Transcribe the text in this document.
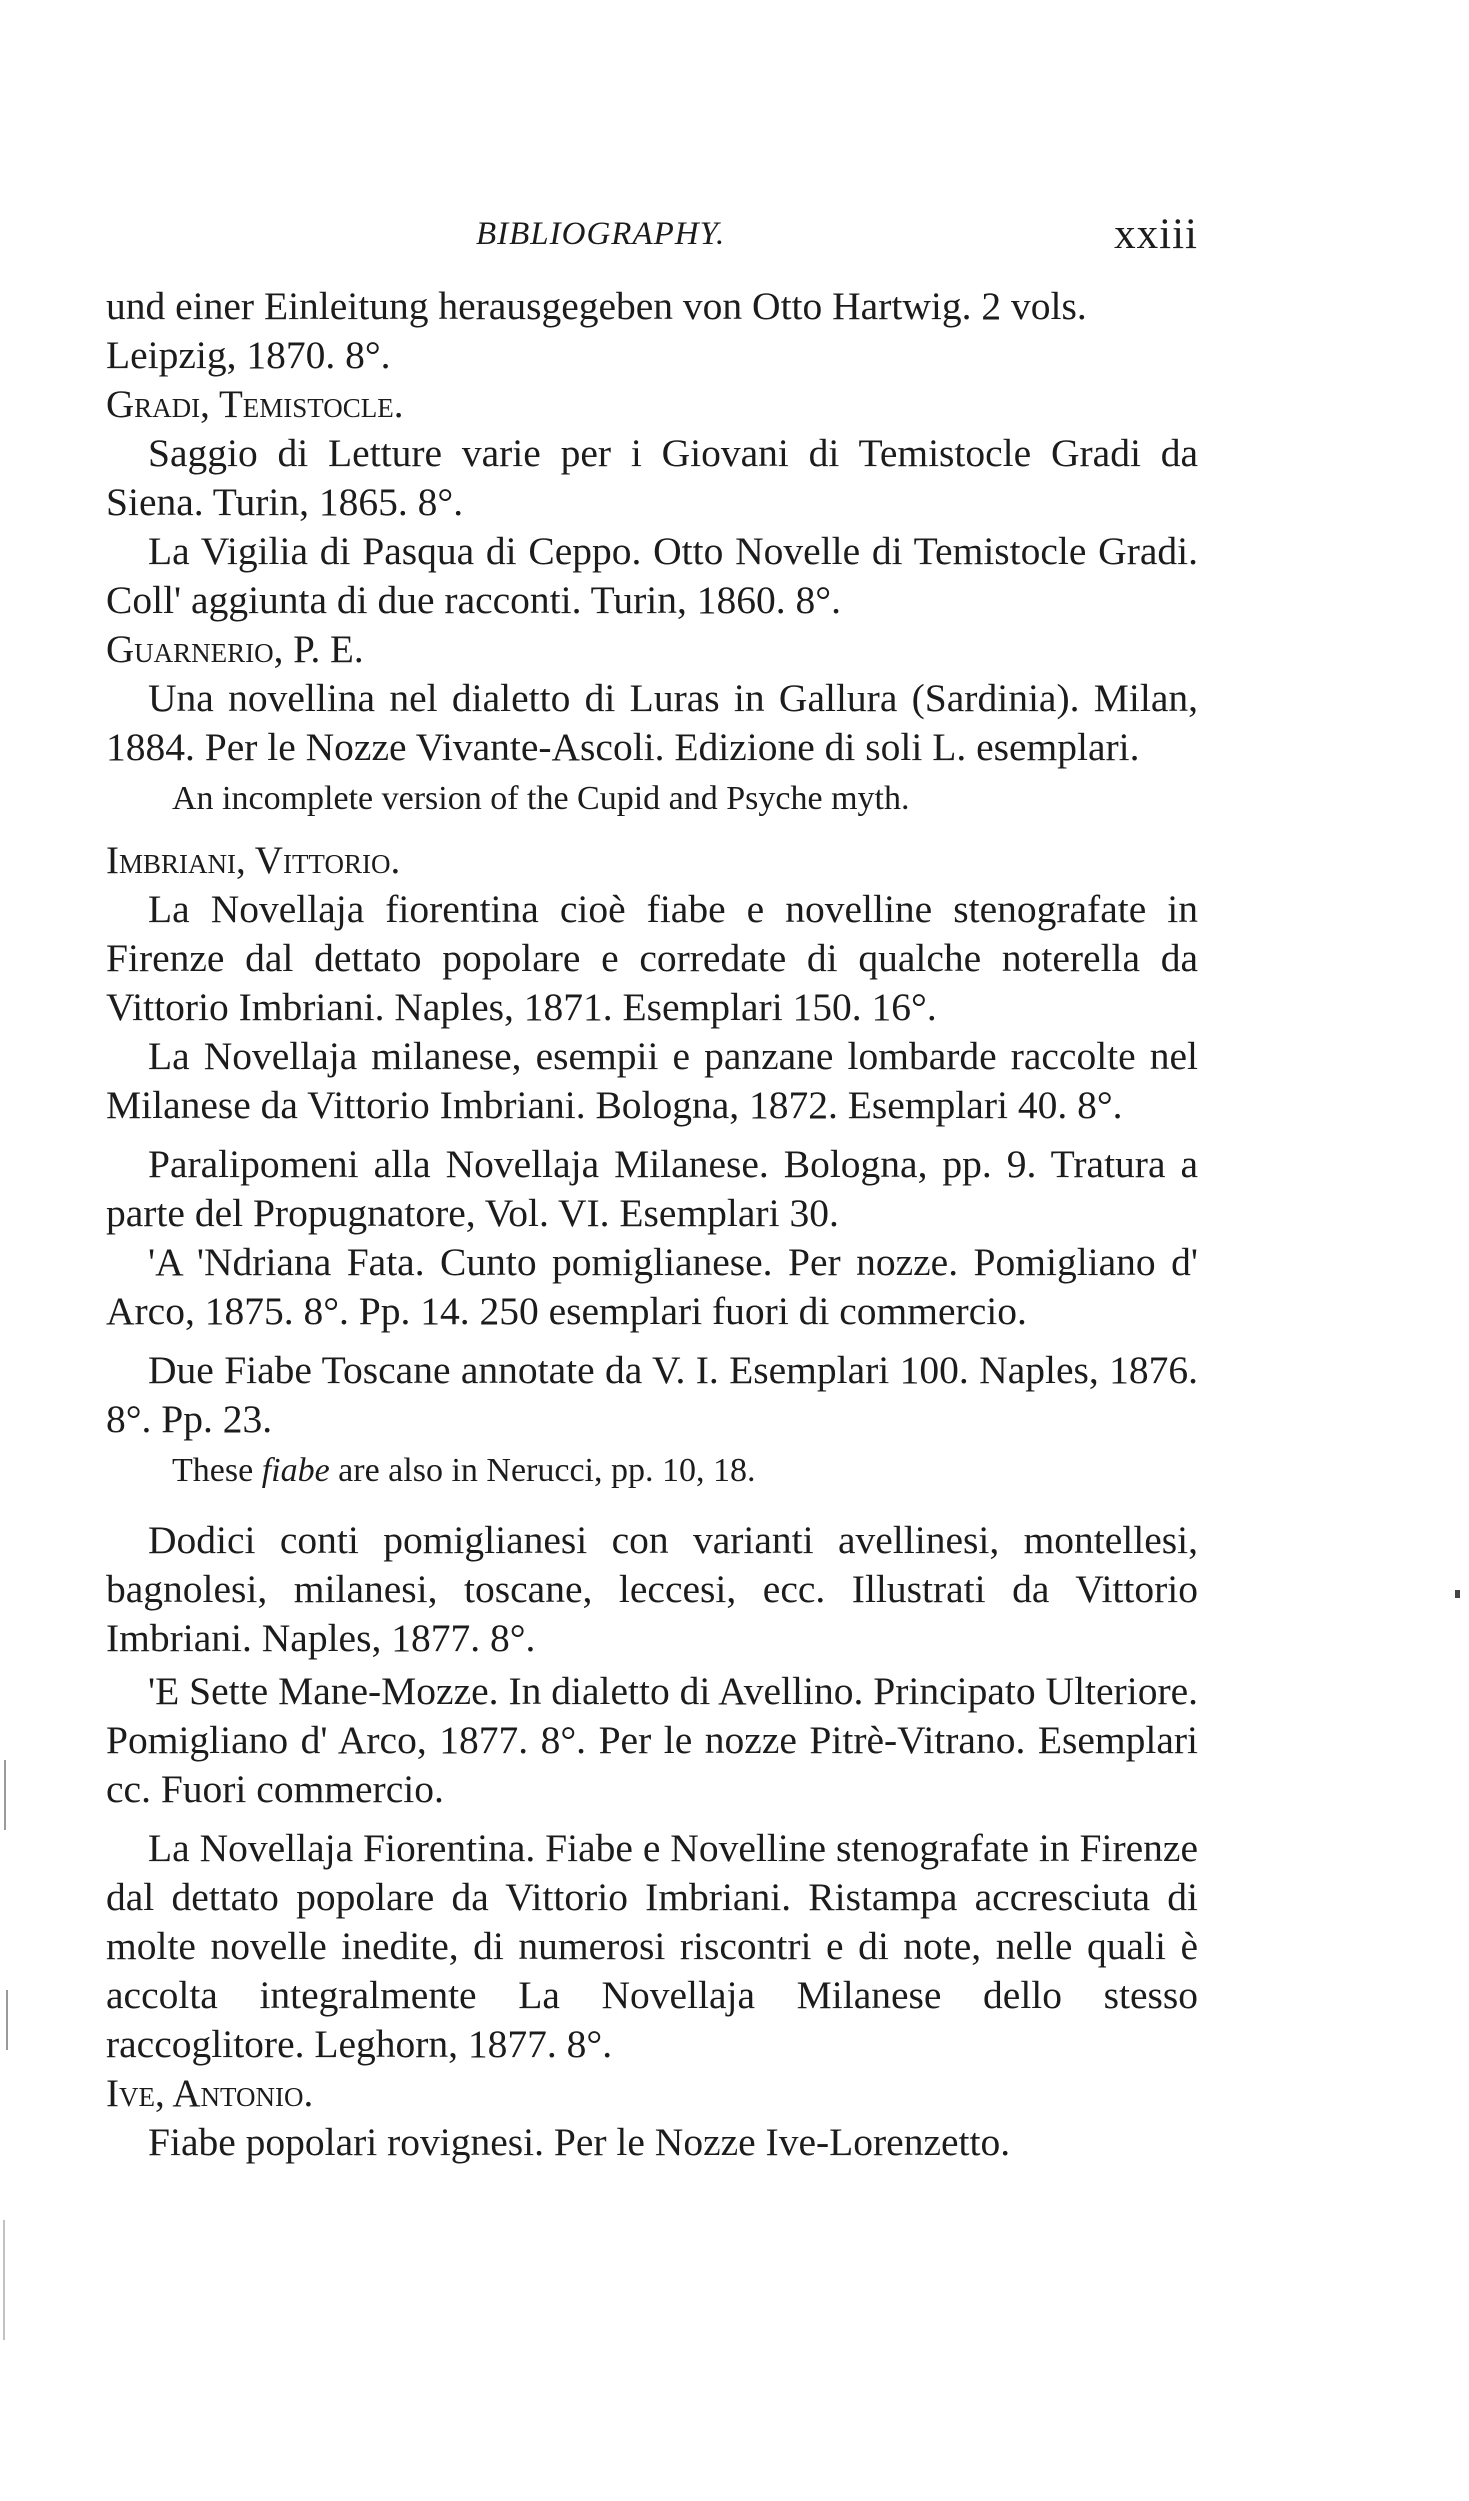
BIBLIOGRAPHY.	xxiii

und einer Einleitung herausgegeben von Otto Hartwig. 2 vols.
Leipzig, 1870. 8°.

Gradi, Temistocle.

Saggio di Letture varie per i Giovani di Temistocle Gradi da Siena. Turin, 1865. 8°.

La Vigilia di Pasqua di Ceppo. Otto Novelle di Temistocle Gradi. Coll' aggiunta di due racconti. Turin, 1860. 8°.

Guarnerio, P. E.

Una novellina nel dialetto di Luras in Gallura (Sardinia). Milan, 1884. Per le Nozze Vivante-Ascoli. Edizione di soli L. esemplari.

An incomplete version of the Cupid and Psyche myth.

Imbriani, Vittorio.

La Novellaja fiorentina cioè fiabe e novelline stenografate in Firenze dal dettato popolare e corredate di qualche noterella da Vittorio Imbriani. Naples, 1871. Esemplari 150. 16°.

La Novellaja milanese, esempii e panzane lombarde raccolte nel Milanese da Vittorio Imbriani. Bologna, 1872. Esemplari 40. 8°.

Paralipomeni alla Novellaja Milanese. Bologna, pp. 9. Tratura a parte del Propugnatore, Vol. VI. Esemplari 30.

'A 'Ndriana Fata. Cunto pomiglianese. Per nozze. Pomigliano d' Arco, 1875. 8°. Pp. 14. 250 esemplari fuori di commercio.

Due Fiabe Toscane annotate da V. I. Esemplari 100. Naples, 1876. 8°. Pp. 23.

These fiabe are also in Nerucci, pp. 10, 18.

Dodici conti pomiglianesi con varianti avellinesi, montellesi, bagnolesi, milanesi, toscane, leccesi, ecc. Illustrati da Vittorio Imbriani. Naples, 1877. 8°.

'E Sette Mane-Mozze. In dialetto di Avellino. Principato Ulteriore. Pomigliano d' Arco, 1877. 8°. Per le nozze Pitrè-Vitrano. Esemplari cc. Fuori commercio.

La Novellaja Fiorentina. Fiabe e Novelline stenografate in Firenze dal dettato popolare da Vittorio Imbriani. Ristampa accresciuta di molte novelle inedite, di numerosi riscontri e di note, nelle quali è accolta integralmente La Novellaja Milanese dello stesso raccoglitore. Leghorn, 1877. 8°.

Ive, Antonio.

Fiabe popolari rovignesi. Per le Nozze Ive-Lorenzetto.
